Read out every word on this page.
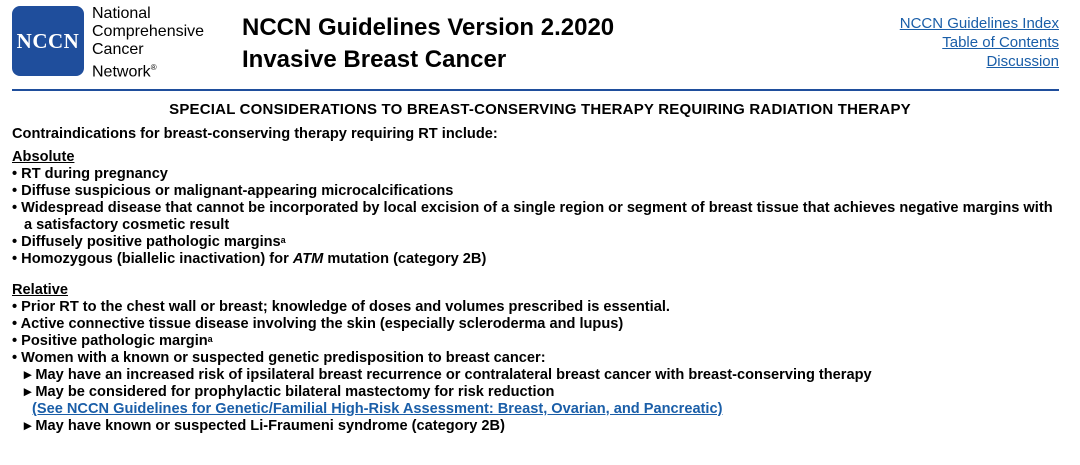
NCCN
National
Comprehensive
Cancer
Network®
NCCN Guidelines Version 2.2020
Invasive Breast Cancer
NCCN Guidelines Index
Table of Contents
Discussion
SPECIAL CONSIDERATIONS TO BREAST-CONSERVING THERAPY REQUIRING RADIATION THERAPY

Contraindications for breast-conserving therapy requiring RT include:

Absolute

• RT during pregnancy

• Diffuse suspicious or malignant-appearing microcalcifications

• Widespread disease that cannot be incorporated by local excision of a single region or segment of breast tissue that achieves negative margins with a satisfactory cosmetic result

• Diffusely positive pathologic margins$^a$

• Homozygous (biallelic inactivation) for ATM mutation (category 2B)

Relative

• Prior RT to the chest wall or breast; knowledge of doses and volumes prescribed is essential.

• Active connective tissue disease involving the skin (especially scleroderma and lupus)

• Positive pathologic margin$^a$

• Women with a known or suspected genetic predisposition to breast cancer:

▸ May have an increased risk of ipsilateral breast recurrence or contralateral breast cancer with breast-conserving therapy

▸ May be considered for prophylactic bilateral mastectomy for risk reduction

(See NCCN Guidelines for Genetic/Familial High-Risk Assessment: Breast, Ovarian, and Pancreatic)

▸ May have known or suspected Li-Fraumeni syndrome (category 2B)
